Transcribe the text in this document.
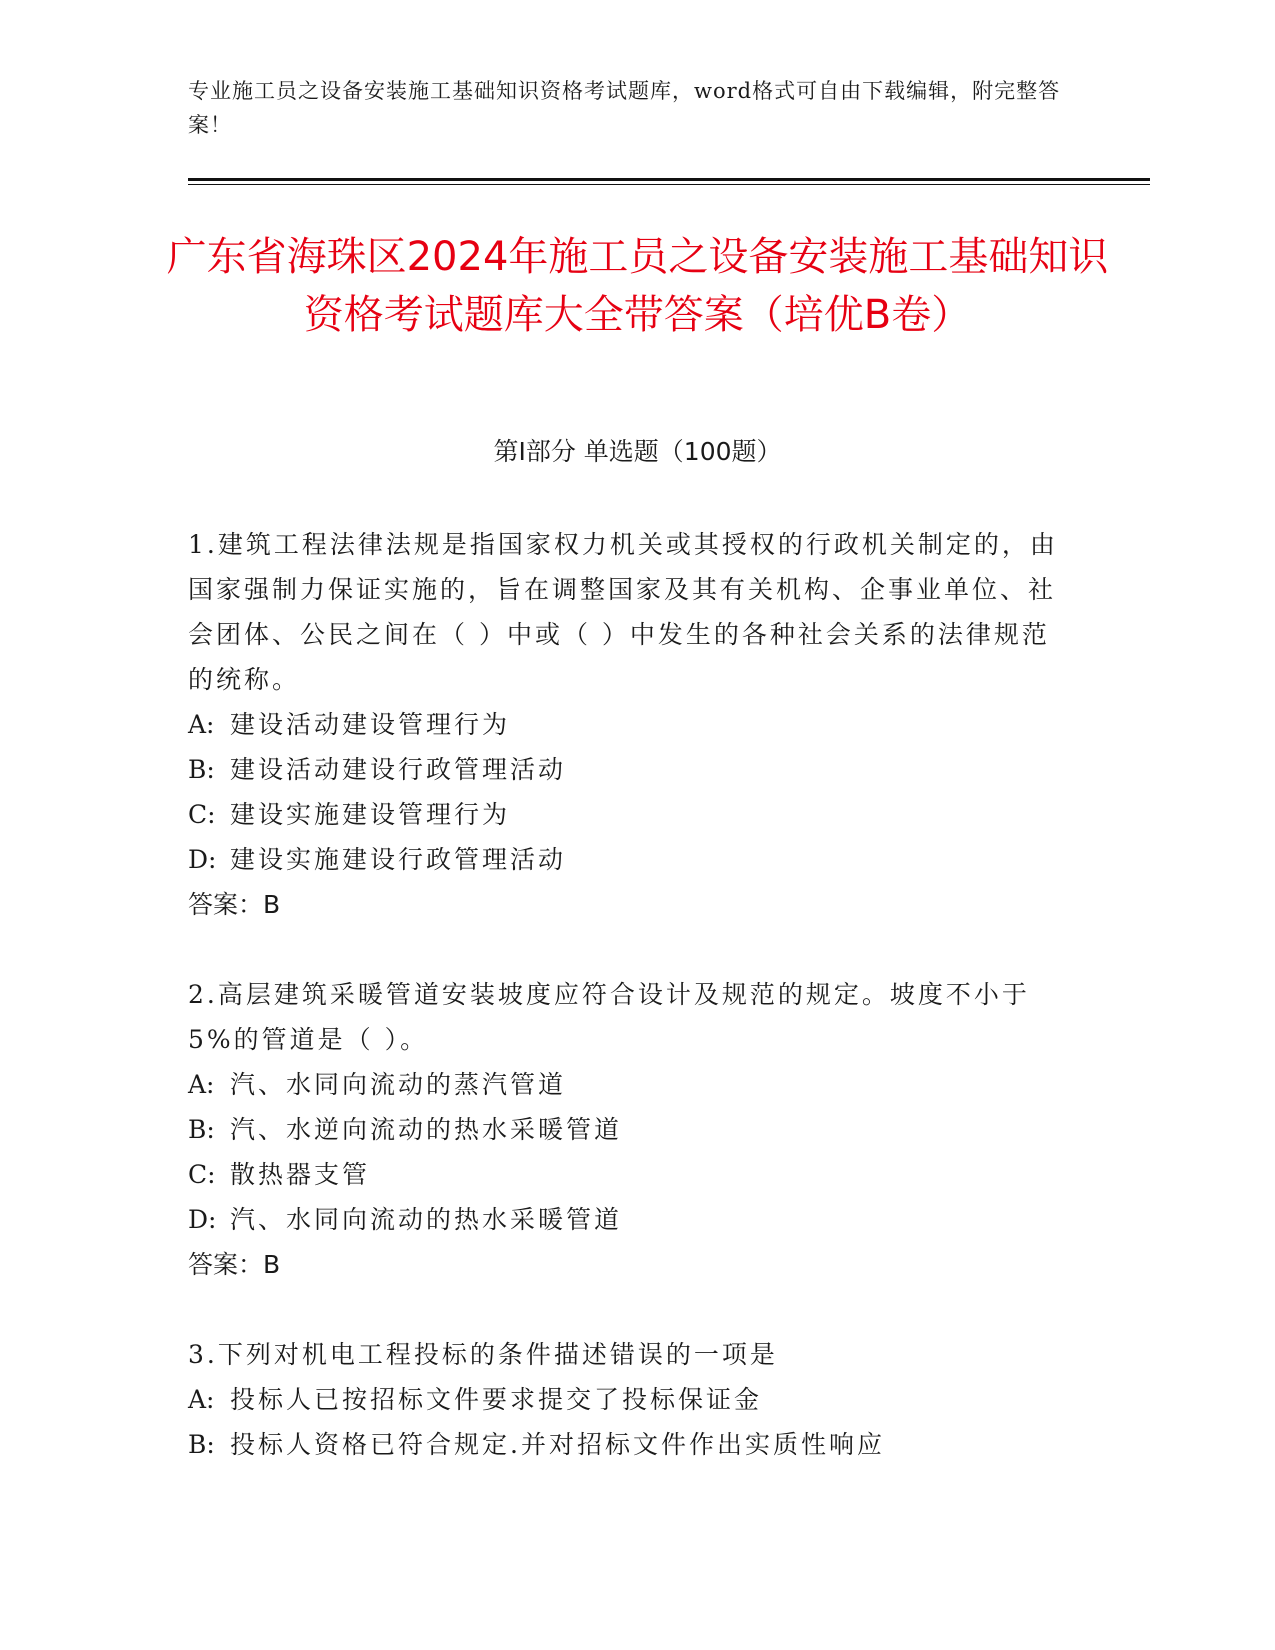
专业施工员之设备安装施工基础知识资格考试题库，word格式可自由下载编辑，附完整答案！
广东省海珠区2024年施工员之设备安装施工基础知识资格考试题库大全带答案（培优B卷）
第Ⅰ部分 单选题（100题）
1.建筑工程法律法规是指国家权力机关或其授权的行政机关制定的，由国家强制力保证实施的，旨在调整国家及其有关机构、企事业单位、社会团体、公民之间在（ ）中或（ ）中发生的各种社会关系的法律规范的统称。
A: 建设活动建设管理行为
B: 建设活动建设行政管理活动
C: 建设实施建设管理行为
D: 建设实施建设行政管理活动
答案：B
2.高层建筑采暖管道安装坡度应符合设计及规范的规定。坡度不小于5%的管道是（ ）。
A: 汽、水同向流动的蒸汽管道
B: 汽、水逆向流动的热水采暖管道
C: 散热器支管
D: 汽、水同向流动的热水采暖管道
答案：B
3.下列对机电工程投标的条件描述错误的一项是
A: 投标人已按招标文件要求提交了投标保证金
B: 投标人资格已符合规定.并对招标文件作出实质性响应
